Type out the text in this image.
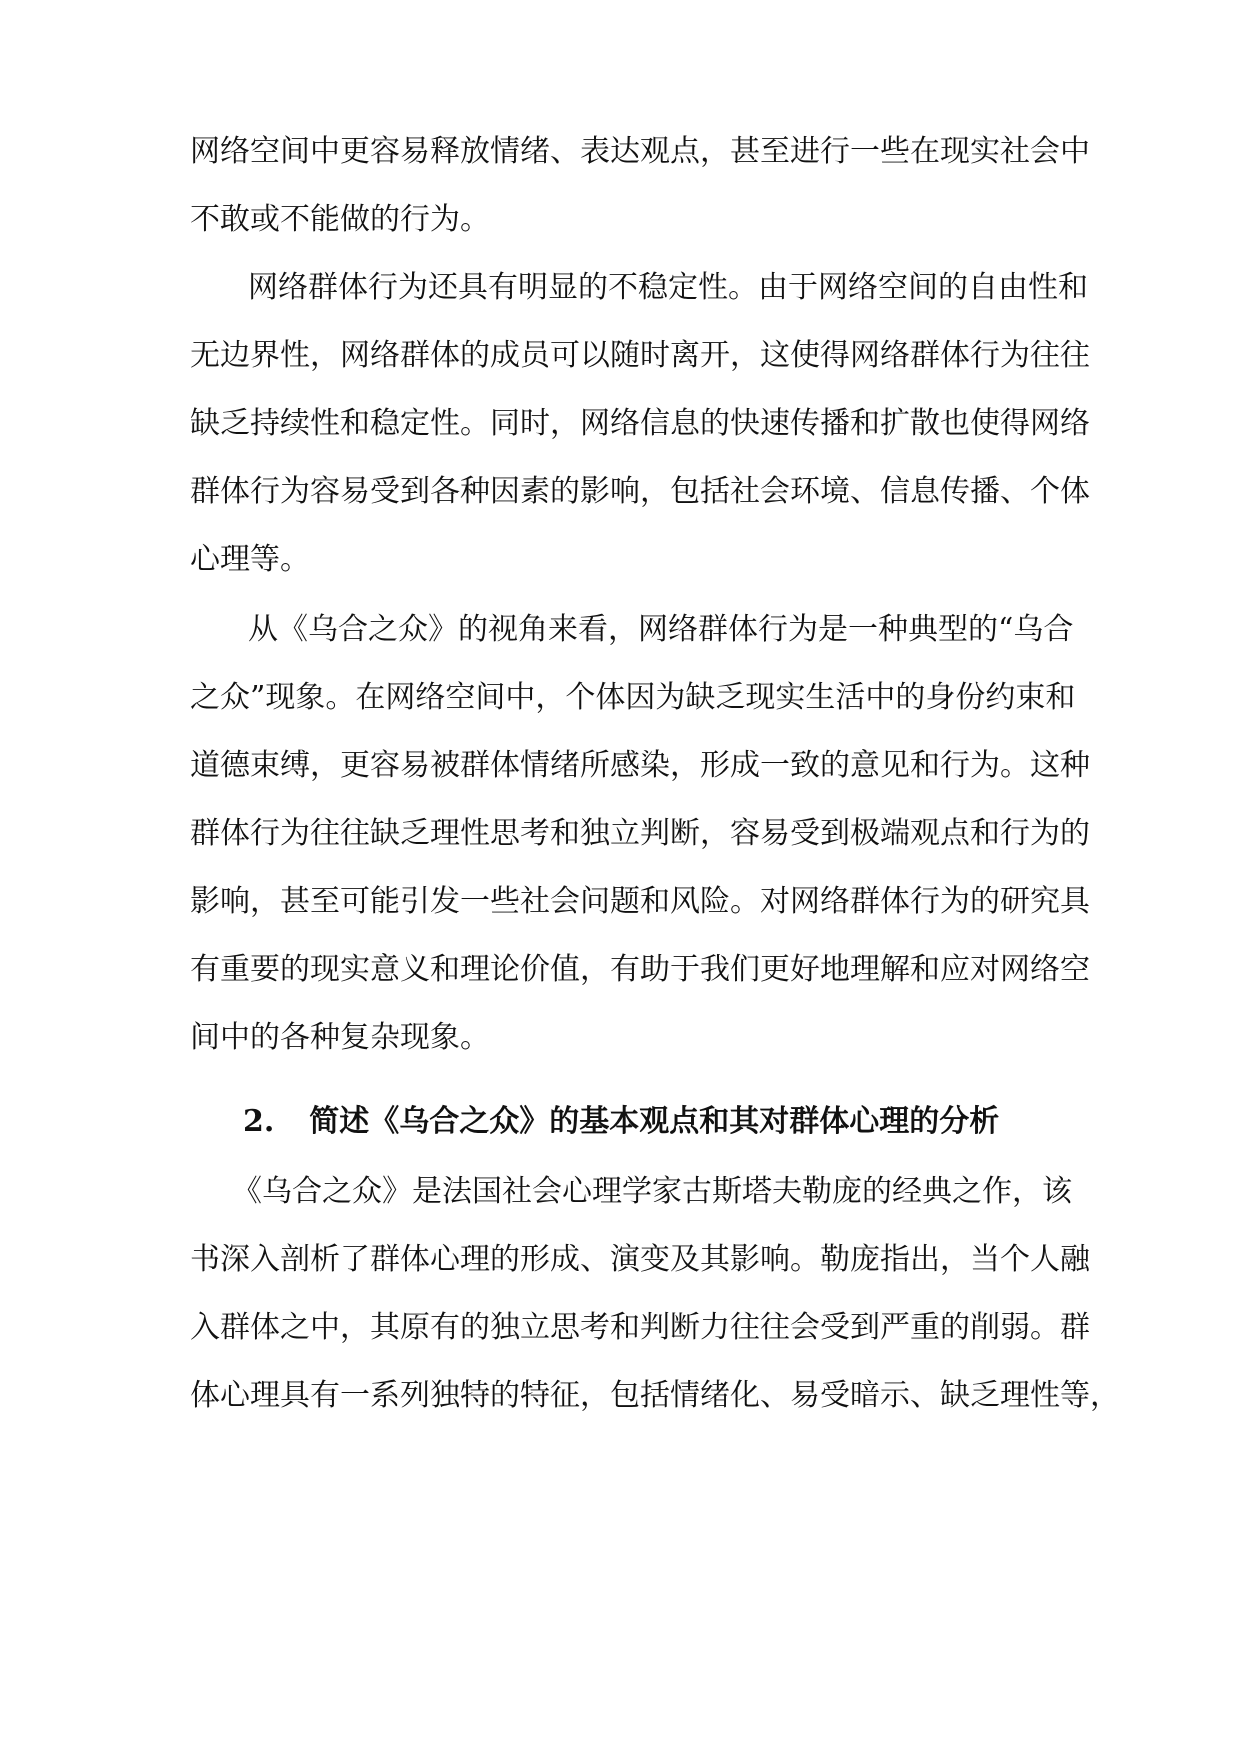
网络空间中更容易释放情绪、表达观点，甚至进行一些在现实社会中
不敢或不能做的行为。
网络群体行为还具有明显的不稳定性。由于网络空间的自由性和
无边界性，网络群体的成员可以随时离开，这使得网络群体行为往往
缺乏持续性和稳定性。同时，网络信息的快速传播和扩散也使得网络
群体行为容易受到各种因素的影响，包括社会环境、信息传播、个体
心理等。
从《乌合之众》的视角来看，网络群体行为是一种典型的“乌合
之众”现象。在网络空间中，个体因为缺乏现实生活中的身份约束和
道德束缚，更容易被群体情绪所感染，形成一致的意见和行为。这种
群体行为往往缺乏理性思考和独立判断，容易受到极端观点和行为的
影响，甚至可能引发一些社会问题和风险。对网络群体行为的研究具
有重要的现实意义和理论价值，有助于我们更好地理解和应对网络空
间中的各种复杂现象。
2. 简述《乌合之众》的基本观点和其对群体心理的分析
《乌合之众》是法国社会心理学家古斯塔夫勒庞的经典之作，该
书深入剖析了群体心理的形成、演变及其影响。勒庞指出，当个人融
入群体之中，其原有的独立思考和判断力往往会受到严重的削弱。群
体心理具有一系列独特的特征，包括情绪化、易受暗示、缺乏理性等，
